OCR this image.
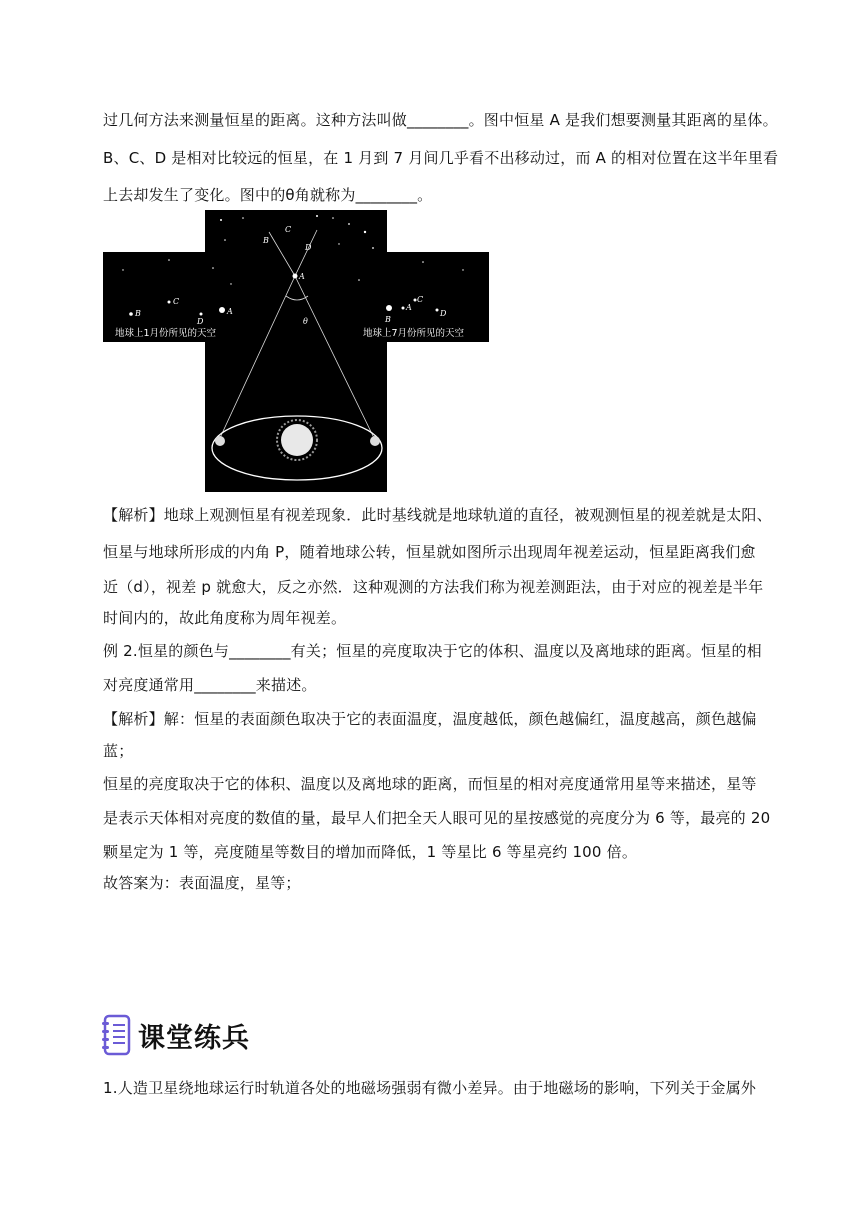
过几何方法来测量恒星的距离。这种方法叫做________。图中恒星 A 是我们想要测量其距离的星体。
B、C、D 是相对比较远的恒星，在 1 月到 7 月间几乎看不出移动过，而 A 的相对位置在这半年里看
上去却发生了变化。图中的θ角就称为________。
A
B
C
D
θ
B
C
D
A
B
A
C
D
地球上1月份所见的天空	地球上7月份所见的天空
【解析】地球上观测恒星有视差现象．此时基线就是地球轨道的直径，被观测恒星的视差就是太阳、
恒星与地球所形成的内角 P，随着地球公转，恒星就如图所示出现周年视差运动，恒星距离我们愈
近（d），视差 p 就愈大，反之亦然．这种观测的方法我们称为视差测距法，由于对应的视差是半年
时间内的，故此角度称为周年视差。
例 2.恒星的颜色与________有关；恒星的亮度取决于它的体积、温度以及离地球的距离。恒星的相
对亮度通常用________来描述。
【解析】解：恒星的表面颜色取决于它的表面温度，温度越低，颜色越偏红，温度越高，颜色越偏
蓝；
恒星的亮度取决于它的体积、温度以及离地球的距离，而恒星的相对亮度通常用星等来描述，星等
是表示天体相对亮度的数值的量，最早人们把全天人眼可见的星按感觉的亮度分为 6 等，最亮的 20
颗星定为 1 等，亮度随星等数目的增加而降低，1 等星比 6 等星亮约 100 倍。
故答案为：表面温度，星等；
课堂练兵
1.人造卫星绕地球运行时轨道各处的地磁场强弱有微小差异。由于地磁场的影响，下列关于金属外
